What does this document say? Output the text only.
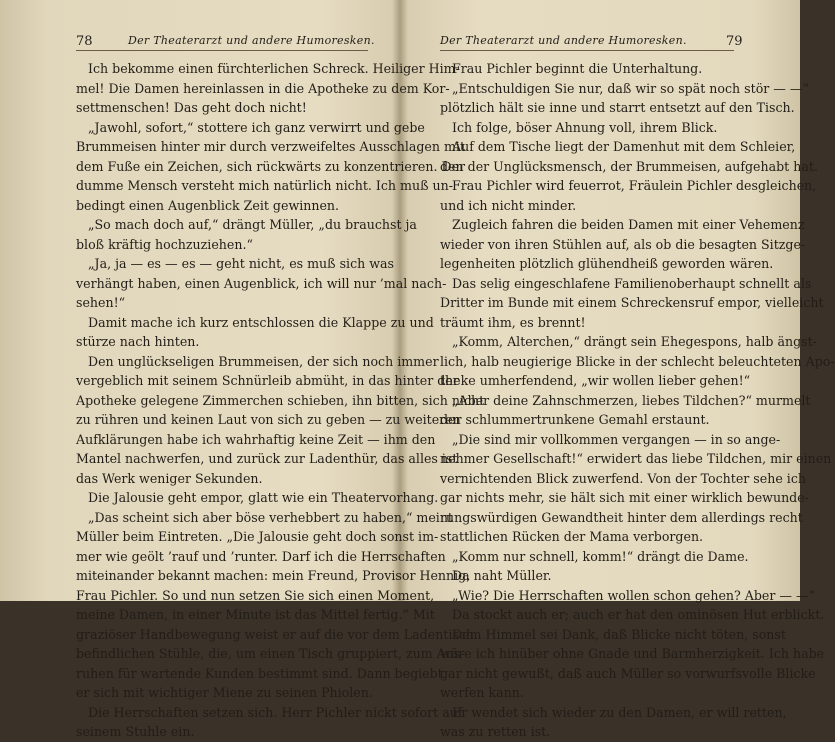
78	Der Theaterarzt und andere Humoresken.
Ich bekomme einen fürchterlichen Schreck. Heiliger Him-
mel! Die Damen hereinlassen in die Apotheke zu dem Kor-
settmenschen! Das geht doch nicht!
„Jawohl, sofort,“ stottere ich ganz verwirrt und gebe
Brummeisen hinter mir durch verzweifeltes Ausschlagen mit
dem Fuße ein Zeichen, sich rückwärts zu konzentrieren. Der
dumme Mensch versteht mich natürlich nicht. Ich muß un-
bedingt einen Augenblick Zeit gewinnen.
„So mach doch auf,“ drängt Müller, „du brauchst ja
bloß kräftig hochzuziehen.“
„Ja, ja — es — es — geht nicht, es muß sich was
verhängt haben, einen Augenblick, ich will nur ’mal nach-
sehen!“
Damit mache ich kurz entschlossen die Klappe zu und
stürze nach hinten.
Den unglückseligen Brummeisen, der sich noch immer
vergeblich mit seinem Schnürleib abmüht, in das hinter der
Apotheke gelegene Zimmerchen schieben, ihn bitten, sich nicht
zu rühren und keinen Laut von sich zu geben — zu weiteren
Aufklärungen habe ich wahrhaftig keine Zeit — ihm den
Mantel nachwerfen, und zurück zur Ladenthür, das alles ist
das Werk weniger Sekunden.
Die Jalousie geht empor, glatt wie ein Theatervorhang.
„Das scheint sich aber böse verhebbert zu haben,“ meint
Müller beim Eintreten. „Die Jalousie geht doch sonst im-
mer wie geölt ’rauf und ’runter. Darf ich die Herrschaften
miteinander bekannt machen: mein Freund, Provisor Hennig,
Frau Pichler. So und nun setzen Sie sich einen Moment,
meine Damen, in einer Minute ist das Mittel fertig.“ Mit
graziöser Handbewegung weist er auf die vor dem Ladentisch
befindlichen Stühle, die, um einen Tisch gruppiert, zum Aus-
ruhen für wartende Kunden bestimmt sind. Dann begiebt
er sich mit wichtiger Miene zu seinen Phiolen.
Die Herrschaften setzen sich. Herr Pichler nickt sofort auf
seinem Stuhle ein.
Der Theaterarzt und andere Humoresken.	79
Frau Pichler beginnt die Unterhaltung.
„Entschuldigen Sie nur, daß wir so spät noch stör — —“
plötzlich hält sie inne und starrt entsetzt auf den Tisch.
Ich folge, böser Ahnung voll, ihrem Blick.
Auf dem Tische liegt der Damenhut mit dem Schleier,
den der Unglücksmensch, der Brummeisen, aufgehabt hat.
Frau Pichler wird feuerrot, Fräulein Pichler desgleichen,
und ich nicht minder.
Zugleich fahren die beiden Damen mit einer Vehemenz
wieder von ihren Stühlen auf, als ob die besagten Sitzge-
legenheiten plötzlich glühendheiß geworden wären.
Das selig eingeschlafene Familienoberhaupt schnellt als
Dritter im Bunde mit einem Schreckensruf empor, vielleicht
träumt ihm, es brennt!
„Komm, Alterchen,“ drängt sein Ehegespons, halb ängst-
lich, halb neugierige Blicke in der schlecht beleuchteten Apo-
theke umherfendend, „wir wollen lieber gehen!“
„Aber deine Zahnschmerzen, liebes Tildchen?“ murmelt
der schlummertrunkene Gemahl erstaunt.
„Die sind mir vollkommen vergangen — in so ange-
nehmer Gesellschaft!“ erwidert das liebe Tildchen, mir einen
vernichtenden Blick zuwerfend. Von der Tochter sehe ich
gar nichts mehr, sie hält sich mit einer wirklich bewunde-
rungswürdigen Gewandtheit hinter dem allerdings recht
stattlichen Rücken der Mama verborgen.
„Komm nur schnell, komm!“ drängt die Dame.
Da naht Müller.
„Wie? Die Herrschaften wollen schon gehen? Aber — —“
Da stockt auch er; auch er hat den ominösen Hut erblickt.
Dem Himmel sei Dank, daß Blicke nicht töten, sonst
wäre ich hinüber ohne Gnade und Barmherzigkeit. Ich habe
gar nicht gewußt, daß auch Müller so vorwurfsvolle Blicke
werfen kann.
Er wendet sich wieder zu den Damen, er will retten,
was zu retten ist.
